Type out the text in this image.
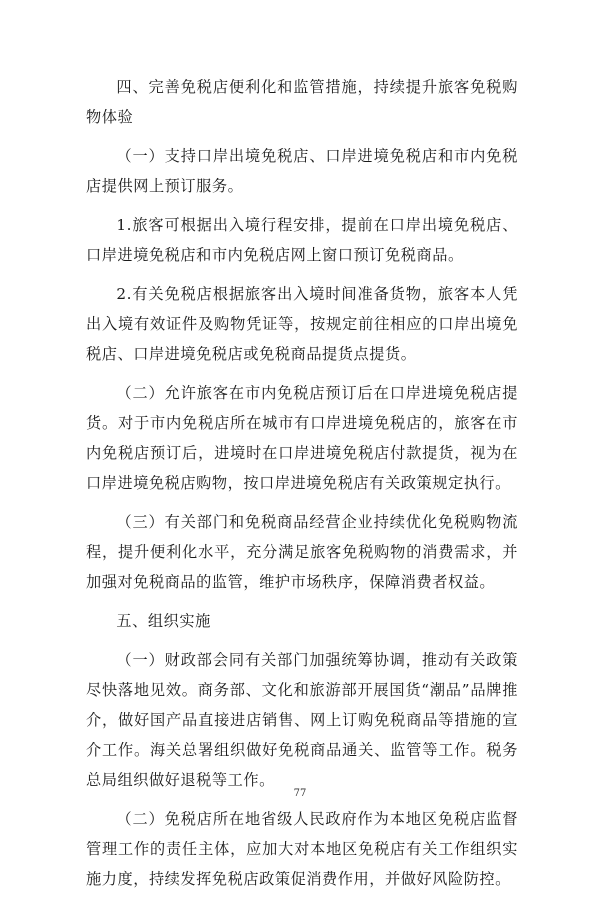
四、完善免税店便利化和监管措施，持续提升旅客免税购物体验

（一）支持口岸出境免税店、口岸进境免税店和市内免税店提供网上预订服务。

1.旅客可根据出入境行程安排，提前在口岸出境免税店、口岸进境免税店和市内免税店网上窗口预订免税商品。

2.有关免税店根据旅客出入境时间准备货物，旅客本人凭出入境有效证件及购物凭证等，按规定前往相应的口岸出境免税店、口岸进境免税店或免税商品提货点提货。

（二）允许旅客在市内免税店预订后在口岸进境免税店提货。对于市内免税店所在城市有口岸进境免税店的，旅客在市内免税店预订后，进境时在口岸进境免税店付款提货，视为在口岸进境免税店购物，按口岸进境免税店有关政策规定执行。

（三）有关部门和免税商品经营企业持续优化免税购物流程，提升便利化水平，充分满足旅客免税购物的消费需求，并加强对免税商品的监管，维护市场秩序，保障消费者权益。

五、组织实施

（一）财政部会同有关部门加强统筹协调，推动有关政策尽快落地见效。商务部、文化和旅游部开展国货“潮品”品牌推介，做好国产品直接进店销售、网上订购免税商品等措施的宣介工作。海关总署组织做好免税商品通关、监管等工作。税务总局组织做好退税等工作。

（二）免税店所在地省级人民政府作为本地区免税店监督管理工作的责任主体，应加大对本地区免税店有关工作组织实施力度，持续发挥免税店政策促消费作用，并做好风险防控。

77
